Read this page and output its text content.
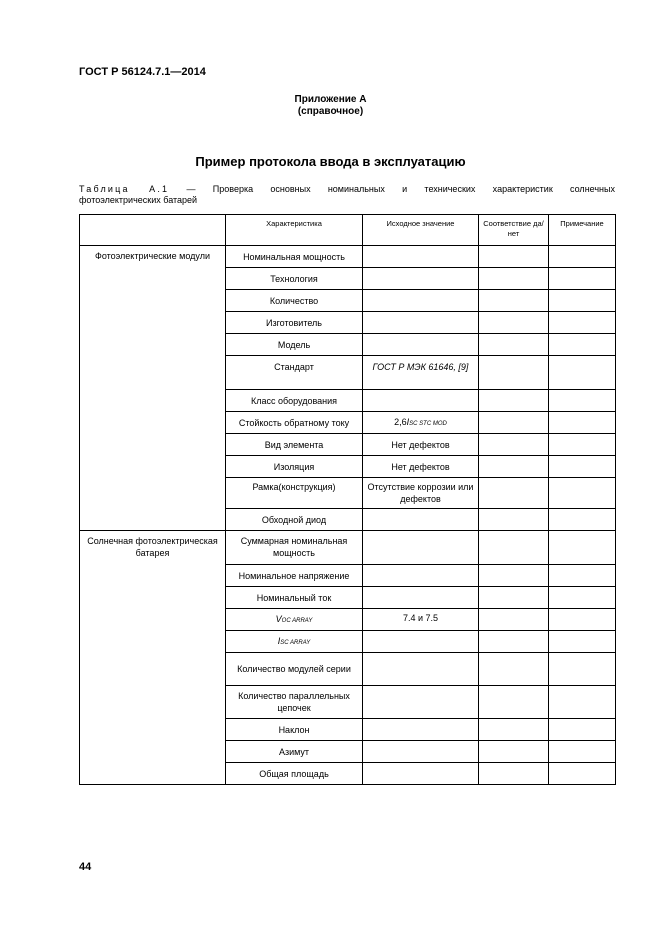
ГОСТ Р 56124.7.1—2014
Приложение А
(справочное)
Пример протокола ввода в эксплуатацию
Таблица А.1 — Проверка основных номинальных и технических характеристик солнечных
фотоэлектрических батарей
	Характеристика	Исходное значение	Соответствие да/нет	Примечание
Фотоэлектрические модули	Номинальная мощность			
	Технология			
	Количество			
	Изготовитель			
	Модель			
	Стандарт	ГОСТ Р МЭК 61646, [9]		
	Класс оборудования			
	Стойкость обратному току	2,6ISC STC MOD		
	Вид элемента	Нет дефектов		
	Изоляция	Нет дефектов		
	Рамка(конструкция)	Отсутствие коррозии или дефектов		
	Обходной диод			
Солнечная фотоэлектрическая батарея	Суммарная номинальная мощность			
	Номинальное напряжение			
	Номинальный ток			
	VOC ARRAY	7.4 и 7.5		
	ISC ARRAY			
	Количество модулей серии			
	Количество параллельных цепочек			
	Наклон			
	Азимут			
	Общая площадь			
44
